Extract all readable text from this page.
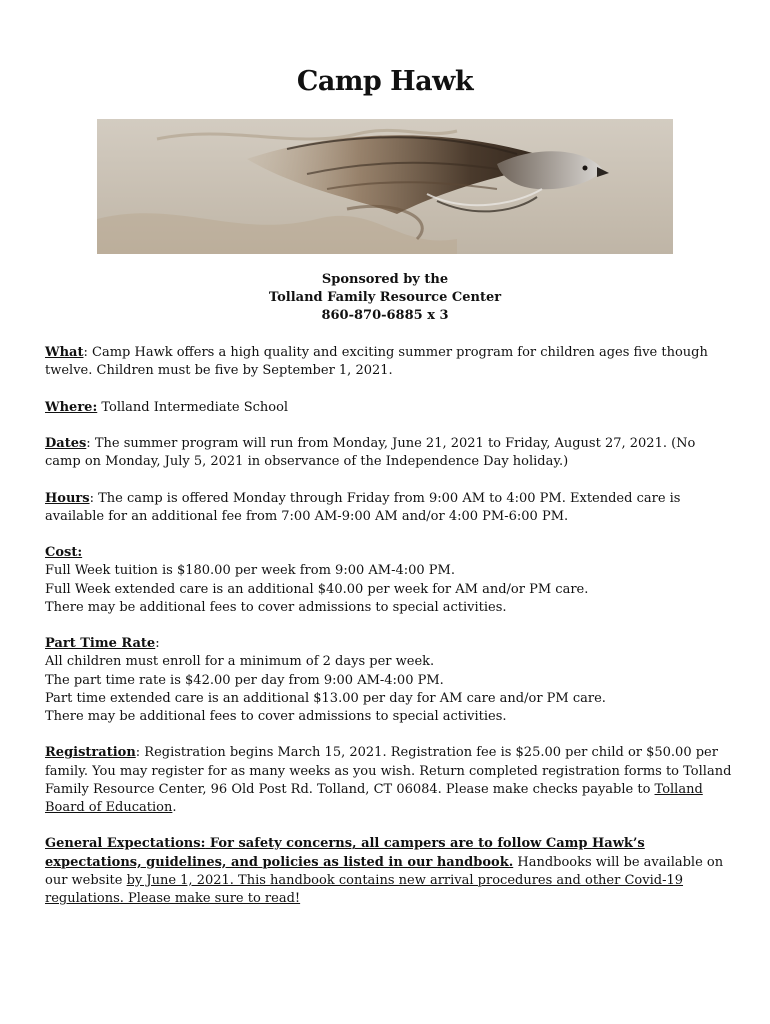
Camp Hawk
Sponsored by the
Tolland Family Resource Center
860-870-6885 x 3

What: Camp Hawk offers a high quality and exciting summer program for children ages five though twelve. Children must be five by September 1, 2021.

Where: Tolland Intermediate School

Dates: The summer program will run from Monday, June 21, 2021 to Friday, August 27, 2021. (No camp on Monday, July 5, 2021 in observance of the Independence Day holiday.)

Hours: The camp is offered Monday through Friday from 9:00 AM to 4:00 PM. Extended care is available for an additional fee from 7:00 AM-9:00 AM and/or 4:00 PM-6:00 PM.

Cost:
Full Week tuition is $180.00 per week from 9:00 AM-4:00 PM.
Full Week extended care is an additional $40.00 per week for AM and/or PM care.
There may be additional fees to cover admissions to special activities.

Part Time Rate:
All children must enroll for a minimum of 2 days per week.
The part time rate is $42.00 per day from 9:00 AM-4:00 PM.
Part time extended care is an additional $13.00 per day for AM care and/or PM care.
There may be additional fees to cover admissions to special activities.

Registration: Registration begins March 15, 2021. Registration fee is $25.00 per child or $50.00 per family. You may register for as many weeks as you wish. Return completed registration forms to Tolland Family Resource Center, 96 Old Post Rd. Tolland, CT 06084. Please make checks payable to Tolland Board of Education.

General Expectations: For safety concerns, all campers are to follow Camp Hawk’s expectations, guidelines, and policies as listed in our handbook. Handbooks will be available on our website by June 1, 2021. This handbook contains new arrival procedures and other Covid-19 regulations. Please make sure to read!
